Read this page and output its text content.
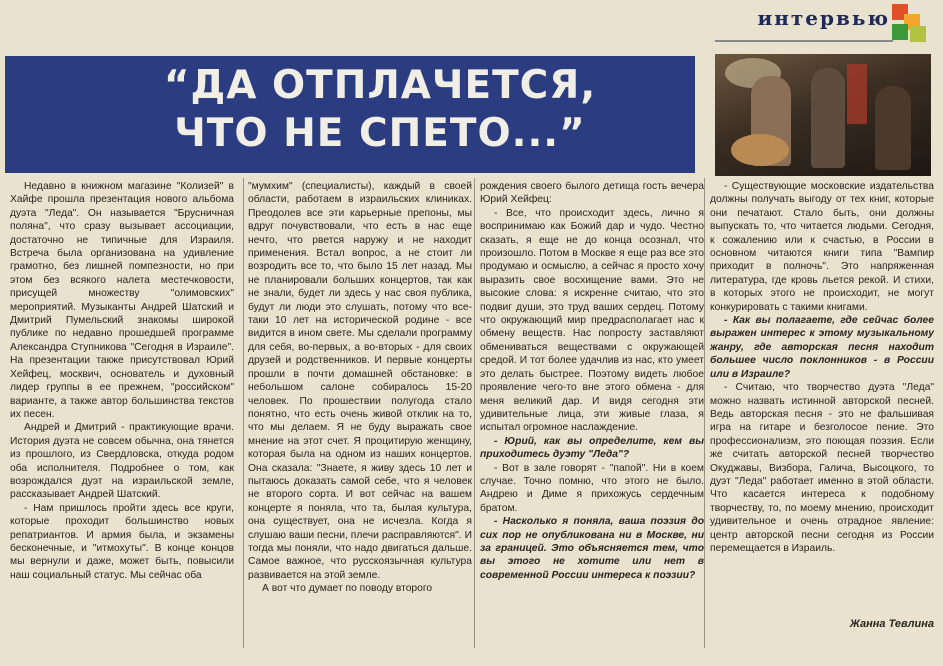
интервью
“ДА ОТПЛАЧЕТСЯ,
ЧТО НЕ СПЕТО...”

Недавно в книжном магазине "Колизей" в Хайфе прошла презентация нового альбома дуэта "Леда". Он называется "Брусничная поляна", что сразу вызывает ассоциации, достаточно не типичные для Израиля. Встреча была организована на удивление грамотно, без лишней помпезности, но при этом без всякого налета местечковости, присущей множеству "олимовских" мероприятий. Музыканты Андрей Шатский и Дмитрий Пумельский знакомы широкой публике по недавно прошедшей программе Александра Ступникова "Сегодня в Израиле". На презентации также присутствовал Юрий Хейфец, москвич, основатель и духовный лидер группы в ее прежнем, "российском" варианте, а также автор большинства текстов их песен.

Андрей и Дмитрий - практикующие врачи. История дуэта не совсем обычна, она тянется из прошлого, из Свердловска, откуда родом оба исполнителя. Подробнее о том, как возрождался дуэт на израильской земле, рассказывает Андрей Шатский.

- Нам пришлось пройти здесь все круги, которые проходит большинство новых репатриантов. И армия была, и экзамены бесконечные, и "итмохуты". В конце концов мы вернули и даже, может быть, повысили наш социальный статус. Мы сейчас оба

"мумхим" (специалисты), каждый в своей области, работаем в израильских клиниках. Преодолев все эти карьерные препоны, мы вдруг почувствовали, что есть в нас еще нечто, что рвется наружу и не находит применения. Встал вопрос, а не стоит ли возродить все то, что было 15 лет назад. Мы не планировали больших концертов, так как не знали, будет ли здесь у нас своя публика, будут ли люди это слушать, потому что все-таки 10 лет на исторической родине - все видится в ином свете. Мы сделали программу для себя, во-первых, а во-вторых - для своих друзей и родственников. И первые концерты прошли в почти домашней обстановке: в небольшом салоне собиралось 15-20 человек. По прошествии полугода стало понятно, что есть очень живой отклик на то, что мы делаем. Я не буду выражать свое мнение на этот счет. Я процитирую женщину, которая была на одном из наших концертов. Она сказала: "Знаете, я живу здесь 10 лет и пытаюсь доказать самой себе, что я человек не второго сорта. И вот сейчас на вашем концерте я поняла, что та, былая культура, она существует, она не исчезла. Когда я слушаю ваши песни, плечи расправляются". И тогда мы поняли, что надо двигаться дальше. Самое важное, что русскоязычная культура развивается на этой земле.

А вот что думает по поводу второго

рождения своего былого детища гость вечера Юрий Хейфец:

- Все, что происходит здесь, лично я воспринимаю как Божий дар и чудо. Честно сказать, я еще не до конца осознал, что произошло. Потом в Москве я еще раз все это продумаю и осмыслю, а сейчас я просто хочу выразить свое восхищение вами. Это не высокие слова: я искренне считаю, что это подвиг души, это труд ваших сердец. Потому что окружающий мир предрасполагает нас к обмену веществ. Нас попросту заставляют обмениваться веществами с окружающей средой. И тот более удачлив из нас, кто умеет это делать быстрее. Поэтому видеть любое проявление чего-то вне этого обмена - для меня великий дар. И видя сегодня эти удивительные лица, эти живые глаза, я испытал огромное наслаждение.

- Юрий, как вы определите, кем вы приходитесь дуэту "Леда"?

- Вот в зале говорят - "папой". Ни в коем случае. Точно помню, что этого не было. Андрею и Диме я прихожусь сердечным братом.

- Насколько я поняла, ваша поэзия до сих пор не опубликована ни в Москве, ни за границей. Это объясняется тем, что вы этого не хотите или нет в современной России интереса к поэзии?

- Существующие московские издательства должны получать выгоду от тех книг, которые они печатают. Стало быть, они должны выпускать то, что читается людьми. Сегодня, к сожалению или к счастью, в России в основном читаются книги типа "Вампир приходит в полночь". Это напряженная литература, где кровь льется рекой. И стихи, в которых этого не происходит, не могут конкурировать с такими книгами.

- Как вы полагаете, где сейчас более выражен интерес к этому музыкальному жанру, где авторская песня находит большее число поклонников - в России или в Израиле?

- Считаю, что творчество дуэта "Леда" можно назвать истинной авторской песней. Ведь авторская песня - это не фальшивая игра на гитаре и безголосое пение. Это профессионализм, это поющая поэзия. Если же считать авторской песней творчество Окуджавы, Визбора, Галича, Высоцкого, то дуэт "Леда" работает именно в этой области. Что касается интереса к подобному творчеству, то, по моему мнению, происходит удивительное и очень отрадное явление: центр авторской песни сегодня из России перемещается в Израиль.

Жанна Тевлина
